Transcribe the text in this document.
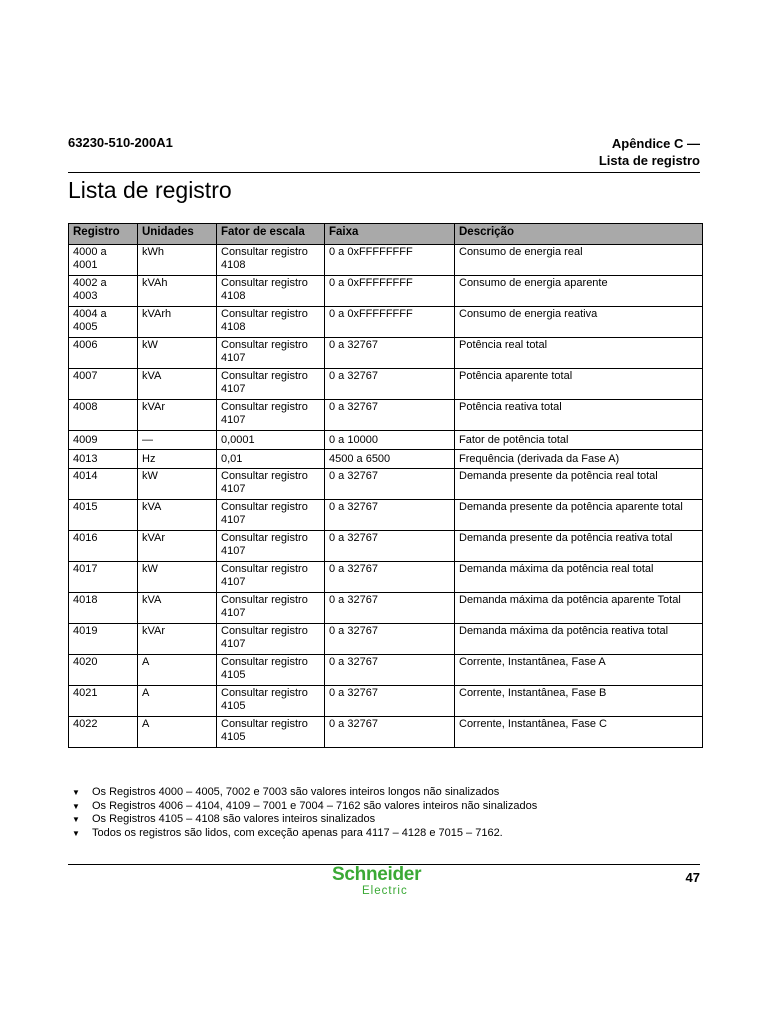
63230-510-200A1	Apêndice C —
Lista de registro
Lista de registro
Registro	Unidades	Fator de escala	Faixa	Descrição
4000 a 4001	kWh	Consultar registro 4108	0 a 0xFFFFFFFF	Consumo de energia real
4002 a 4003	kVAh	Consultar registro 4108	0 a 0xFFFFFFFF	Consumo de energia aparente
4004 a 4005	kVArh	Consultar registro 4108	0 a 0xFFFFFFFF	Consumo de energia reativa
4006	kW	Consultar registro 4107	0 a 32767	Potência real total
4007	kVA	Consultar registro 4107	0 a 32767	Potência aparente total
4008	kVAr	Consultar registro 4107	0 a 32767	Potência reativa total
4009	—	0,0001	0 a 10000	Fator de potência total
4013	Hz	0,01	4500 a 6500	Frequência (derivada da Fase A)
4014	kW	Consultar registro 4107	0 a 32767	Demanda presente da potência real total
4015	kVA	Consultar registro 4107	0 a 32767	Demanda presente da potência aparente total
4016	kVAr	Consultar registro 4107	0 a 32767	Demanda presente da potência reativa total
4017	kW	Consultar registro 4107	0 a 32767	Demanda máxima da potência real total
4018	kVA	Consultar registro 4107	0 a 32767	Demanda máxima da potência aparente Total
4019	kVAr	Consultar registro 4107	0 a 32767	Demanda máxima da potência reativa total
4020	A	Consultar registro 4105	0 a 32767	Corrente, Instantânea, Fase A
4021	A	Consultar registro 4105	0 a 32767	Corrente, Instantânea, Fase B
4022	A	Consultar registro 4105	0 a 32767	Corrente, Instantânea, Fase C
▼	Os Registros 4000 – 4005, 7002 e 7003 são valores inteiros longos não sinalizados
▼	Os Registros 4006 – 4104, 4109 – 7001 e 7004 – 7162 são valores inteiros não sinalizados
▼	Os Registros 4105 – 4108 são valores inteiros sinalizados
▼	Todos os registros são lidos, com exceção apenas para 4117 – 4128 e 7015 – 7162.
Schneider
Electric
47
